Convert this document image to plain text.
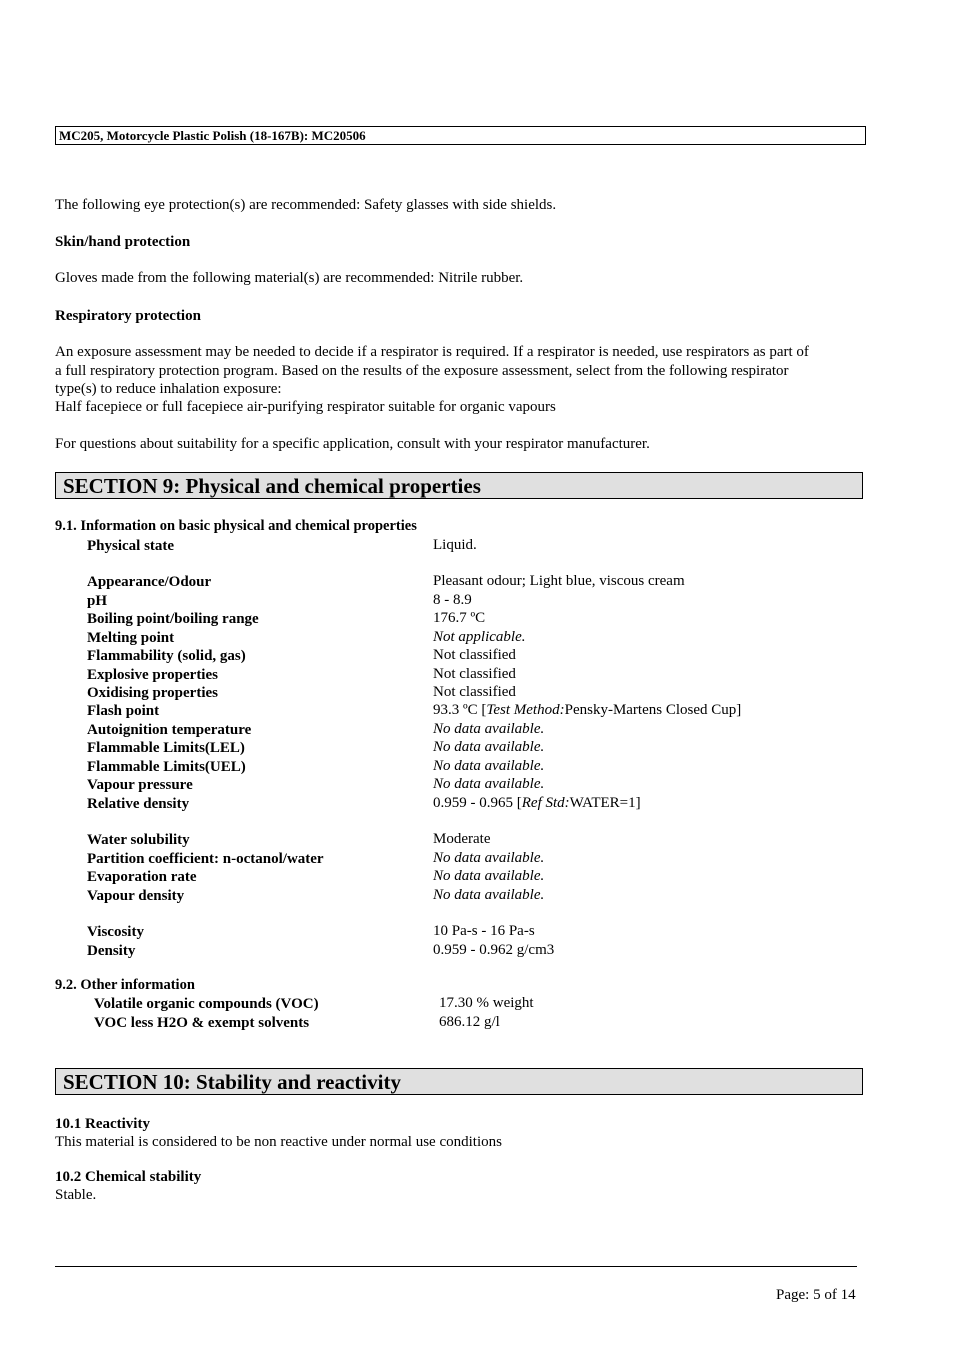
MC205, Motorcycle Plastic Polish (18-167B): MC20506
The following eye protection(s) are recommended: Safety glasses with side shields.
Skin/hand protection
Gloves made from the following material(s) are recommended: Nitrile rubber.
Respiratory protection
An exposure assessment may be needed to decide if a respirator is required. If a respirator is needed, use respirators as part of
a full respiratory protection program. Based on the results of the exposure assessment, select from the following respirator
type(s) to reduce inhalation exposure:
Half facepiece or full facepiece air-purifying respirator suitable for organic vapours
For questions about suitability for a specific application, consult with your respirator manufacturer.
SECTION 9: Physical and chemical properties
9.1. Information on basic physical and chemical properties
Physical state	Liquid.
Appearance/Odour	Pleasant odour; Light blue, viscous cream
pH	8 - 8.9
Boiling point/boiling range	176.7 ºC
Melting point	Not applicable.
Flammability (solid, gas)	Not classified
Explosive properties	Not classified
Oxidising properties	Not classified
Flash point	93.3 ºC [Test Method:Pensky-Martens Closed Cup]
Autoignition temperature	No data available.
Flammable Limits(LEL)	No data available.
Flammable Limits(UEL)	No data available.
Vapour pressure	No data available.
Relative density	0.959 - 0.965 [Ref Std:WATER=1]
Water solubility	Moderate
Partition coefficient: n-octanol/water	No data available.
Evaporation rate	No data available.
Vapour density	No data available.
Viscosity	10 Pa-s - 16 Pa-s
Density	0.959 - 0.962 g/cm3
9.2. Other information
Volatile organic compounds (VOC)	17.30 % weight
VOC less H2O & exempt solvents	686.12 g/l
SECTION 10: Stability and reactivity
10.1 Reactivity
This material is considered to be non reactive under normal use conditions
10.2 Chemical stability
Stable.
Page: 5 of 14
